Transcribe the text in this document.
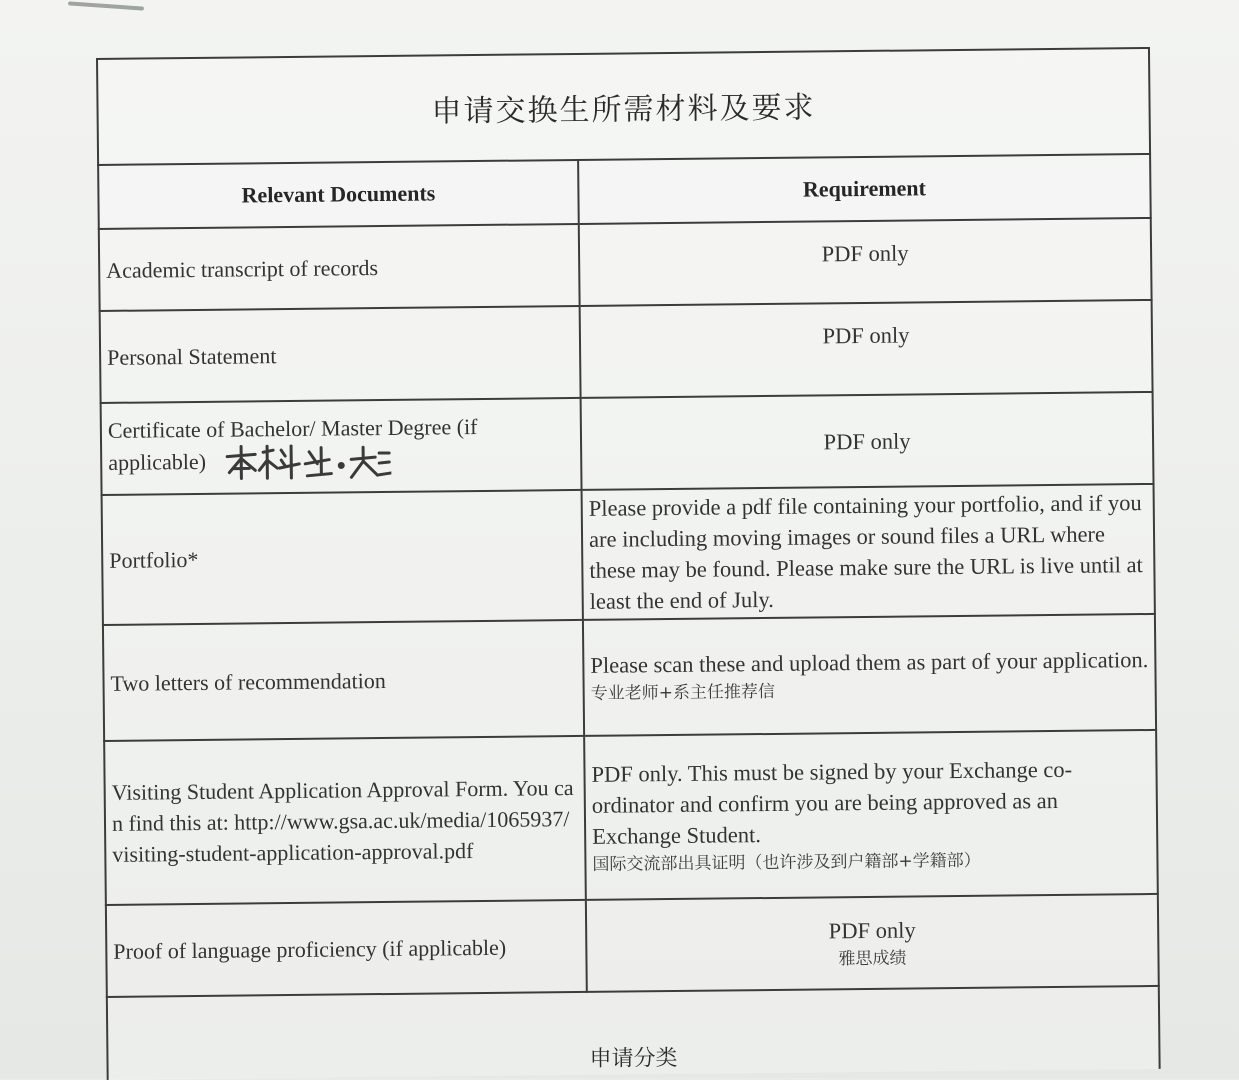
申请交换生所需材料及要求	
Relevant Documents	Requirement
Academic transcript of records	PDF only
Personal Statement	PDF only
Certificate of Bachelor/ Master Degree (if applicable)	PDF only
Portfolio*	Please provide a pdf file containing your portfolio, and if you are including moving images or sound files a URL where these may be found. Please make sure the URL is live until at least the end of July.
Two letters of recommendation	Please scan these and upload them as part of your application.
专业老师+系主任推荐信

Visiting Student Application Approval Form. You can find this at: http://www.gsa.ac.uk/media/1065937/visiting-student-application-approval.pdf	PDF only. This must be signed by your Exchange co-ordinator and confirm you are being approved as an Exchange Student.
国际交流部出具证明（也许涉及到户籍部+学籍部）

Proof of language proficiency (if applicable)	PDF only
雅思成绩

申请分类	
